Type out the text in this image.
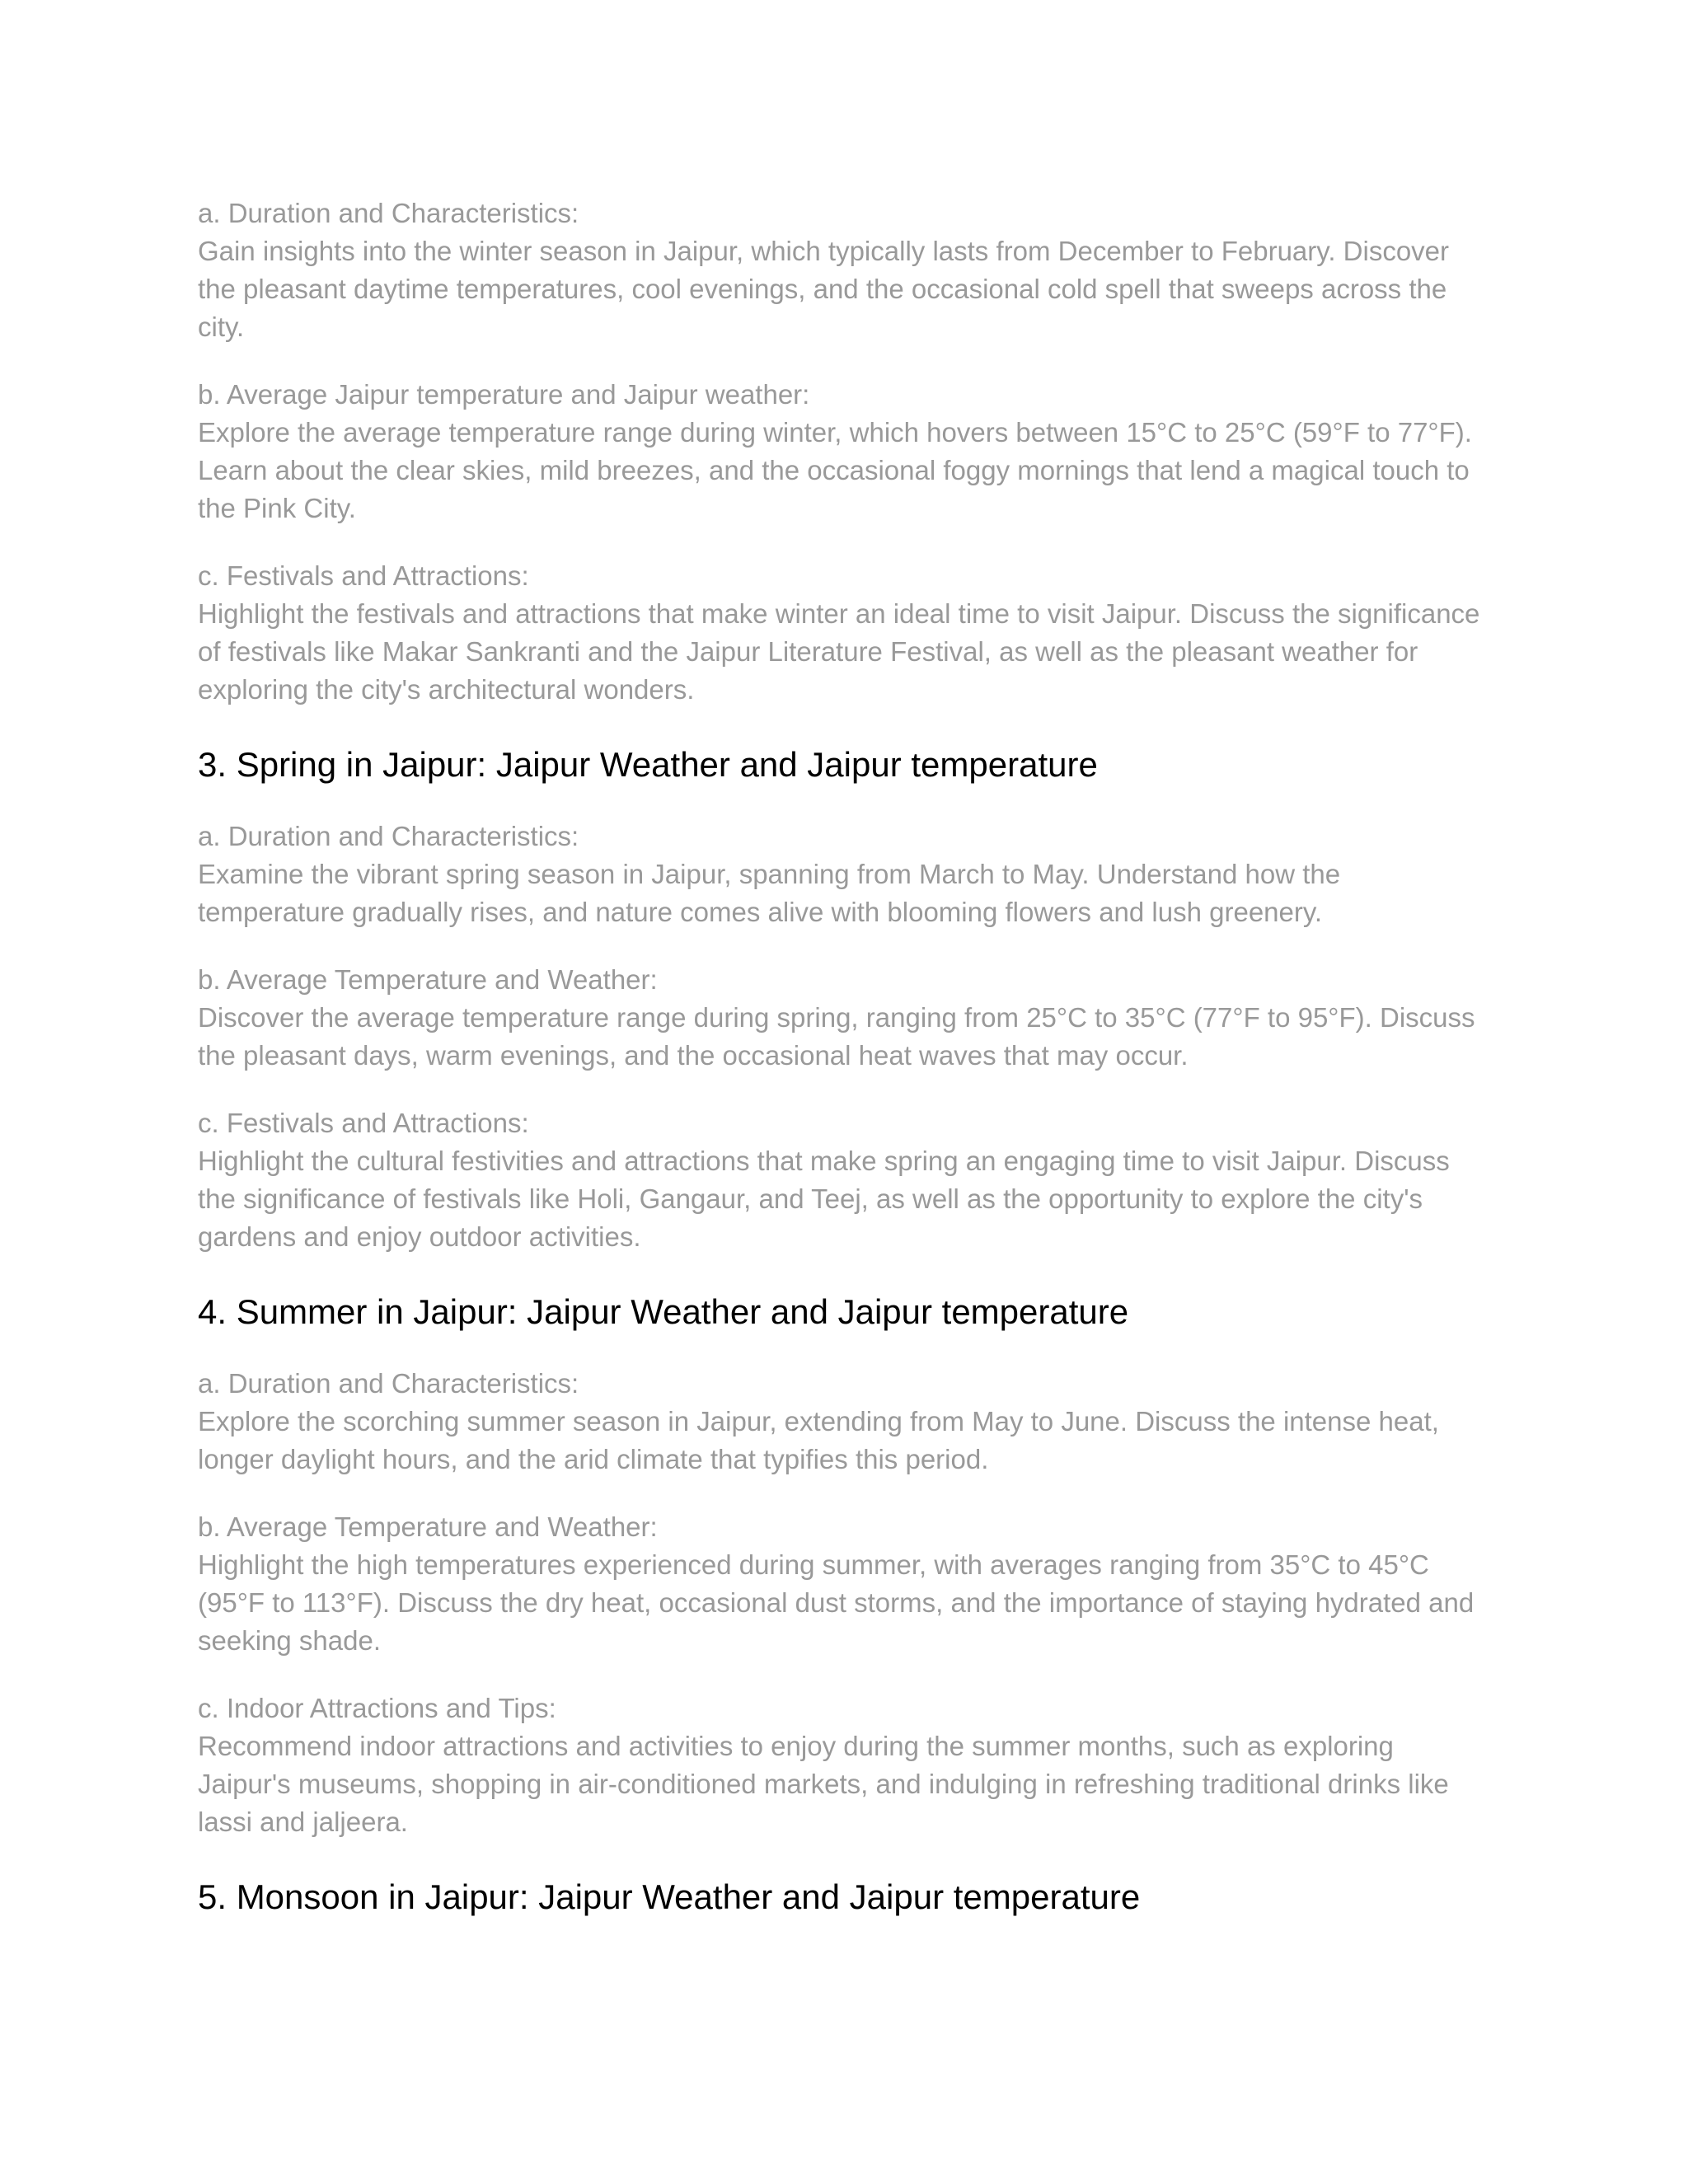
a. Duration and Characteristics:

Gain insights into the winter season in Jaipur, which typically lasts from December to February. Discover the pleasant daytime temperatures, cool evenings, and the occasional cold spell that sweeps across the city.

b. Average Jaipur temperature and Jaipur weather:

Explore the average temperature range during winter, which hovers between 15°C to 25°C (59°F to 77°F). Learn about the clear skies, mild breezes, and the occasional foggy mornings that lend a magical touch to the Pink City.

c. Festivals and Attractions:

Highlight the festivals and attractions that make winter an ideal time to visit Jaipur. Discuss the significance of festivals like Makar Sankranti and the Jaipur Literature Festival, as well as the pleasant weather for exploring the city's architectural wonders.

3. Spring in Jaipur: Jaipur Weather and Jaipur temperature

a. Duration and Characteristics:

Examine the vibrant spring season in Jaipur, spanning from March to May. Understand how the temperature gradually rises, and nature comes alive with blooming flowers and lush greenery.

b. Average Temperature and Weather:

Discover the average temperature range during spring, ranging from 25°C to 35°C (77°F to 95°F). Discuss the pleasant days, warm evenings, and the occasional heat waves that may occur.

c. Festivals and Attractions:

Highlight the cultural festivities and attractions that make spring an engaging time to visit Jaipur. Discuss the significance of festivals like Holi, Gangaur, and Teej, as well as the opportunity to explore the city's gardens and enjoy outdoor activities.

4. Summer in Jaipur: Jaipur Weather and Jaipur temperature

a. Duration and Characteristics:

Explore the scorching summer season in Jaipur, extending from May to June. Discuss the intense heat, longer daylight hours, and the arid climate that typifies this period.

b. Average Temperature and Weather:

Highlight the high temperatures experienced during summer, with averages ranging from 35°C to 45°C (95°F to 113°F). Discuss the dry heat, occasional dust storms, and the importance of staying hydrated and seeking shade.

c. Indoor Attractions and Tips:

Recommend indoor attractions and activities to enjoy during the summer months, such as exploring Jaipur's museums, shopping in air-conditioned markets, and indulging in refreshing traditional drinks like lassi and jaljeera.

5. Monsoon in Jaipur: Jaipur Weather and Jaipur temperature
